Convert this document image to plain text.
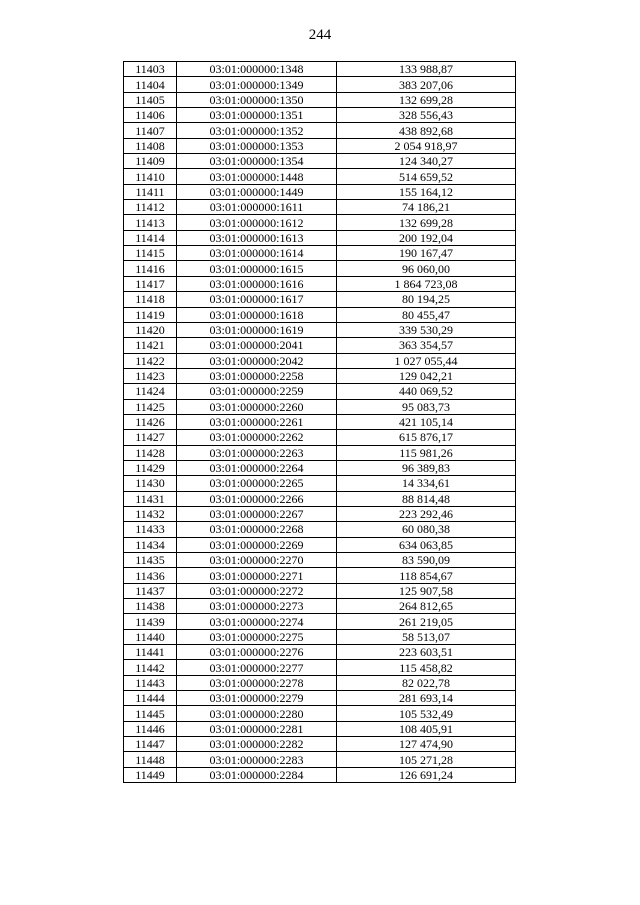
244
11403	03:01:000000:1348	133 988,87
11404	03:01:000000:1349	383 207,06
11405	03:01:000000:1350	132 699,28
11406	03:01:000000:1351	328 556,43
11407	03:01:000000:1352	438 892,68
11408	03:01:000000:1353	2 054 918,97
11409	03:01:000000:1354	124 340,27
11410	03:01:000000:1448	514 659,52
11411	03:01:000000:1449	155 164,12
11412	03:01:000000:1611	74 186,21
11413	03:01:000000:1612	132 699,28
11414	03:01:000000:1613	200 192,04
11415	03:01:000000:1614	190 167,47
11416	03:01:000000:1615	96 060,00
11417	03:01:000000:1616	1 864 723,08
11418	03:01:000000:1617	80 194,25
11419	03:01:000000:1618	80 455,47
11420	03:01:000000:1619	339 530,29
11421	03:01:000000:2041	363 354,57
11422	03:01:000000:2042	1 027 055,44
11423	03:01:000000:2258	129 042,21
11424	03:01:000000:2259	440 069,52
11425	03:01:000000:2260	95 083,73
11426	03:01:000000:2261	421 105,14
11427	03:01:000000:2262	615 876,17
11428	03:01:000000:2263	115 981,26
11429	03:01:000000:2264	96 389,83
11430	03:01:000000:2265	14 334,61
11431	03:01:000000:2266	88 814,48
11432	03:01:000000:2267	223 292,46
11433	03:01:000000:2268	60 080,38
11434	03:01:000000:2269	634 063,85
11435	03:01:000000:2270	83 590,09
11436	03:01:000000:2271	118 854,67
11437	03:01:000000:2272	125 907,58
11438	03:01:000000:2273	264 812,65
11439	03:01:000000:2274	261 219,05
11440	03:01:000000:2275	58 513,07
11441	03:01:000000:2276	223 603,51
11442	03:01:000000:2277	115 458,82
11443	03:01:000000:2278	82 022,78
11444	03:01:000000:2279	281 693,14
11445	03:01:000000:2280	105 532,49
11446	03:01:000000:2281	108 405,91
11447	03:01:000000:2282	127 474,90
11448	03:01:000000:2283	105 271,28
11449	03:01:000000:2284	126 691,24
